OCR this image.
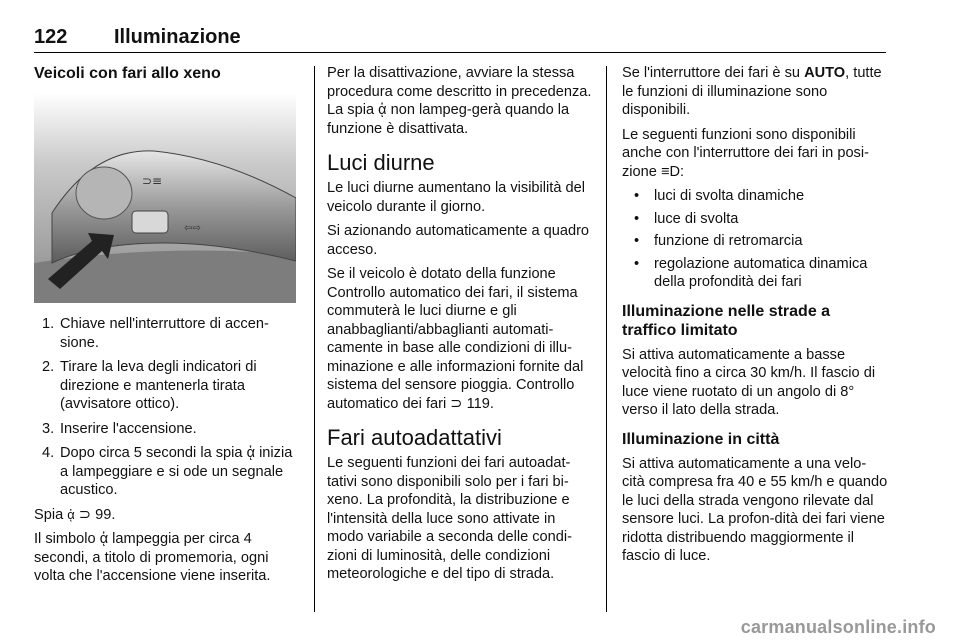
122 Illuminazione
Veicoli con fari allo xeno
⊃≡
⇦⇨
1. Chiave nell'interruttore di accen-sione.
2. Tirare la leva degli indicatori di direzione e mantenerla tirata (avvisatore ottico).
3. Inserire l'accensione.
4. Dopo circa 5 secondi la spia ᾀ inizia a lampeggiare e si ode un segnale acustico.

Spia ᾀ ⊃ 99.

Il simbolo ᾀ lampeggia per circa 4 secondi, a titolo di promemoria, ogni volta che l'accensione viene inserita.

Per la disattivazione, avviare la stessa procedura come descritto in precedenza. La spia ᾀ non lampeg-gerà quando la funzione è disattivata.

Luci diurne

Le luci diurne aumentano la visibilità del veicolo durante il giorno.

Si azionando automaticamente a quadro acceso.

Se il veicolo è dotato della funzione Controllo automatico dei fari, il sistema commuterà le luci diurne e gli anabbaglianti/abbaglianti automati-camente in base alle condizioni di illu-minazione e alle informazioni fornite dal sistema del sensore pioggia. Controllo automatico dei fari ⊃ 119.

Fari autoadattativi

Le seguenti funzioni dei fari autoadat-tativi sono disponibili solo per i fari bi-xeno. La profondità, la distribuzione e l'intensità della luce sono attivate in modo variabile a seconda delle condi-zioni di luminosità, delle condizioni meteorologiche e del tipo di strada.

Se l'interruttore dei fari è su AUTO, tutte le funzioni di illuminazione sono disponibili.

Le seguenti funzioni sono disponibili anche con l'interruttore dei fari in posi-zione ≡D:

• luci di svolta dinamiche
• luce di svolta
• funzione di retromarcia
• regolazione automatica dinamica della profondità dei fari
Illuminazione nelle strade a traffico limitato

Si attiva automaticamente a basse velocità fino a circa 30 km/h. Il fascio di luce viene ruotato di un angolo di 8° verso il lato della strada.

Illuminazione in città

Si attiva automaticamente a una velo-cità compresa fra 40 e 55 km/h e quando le luci della strada vengono rilevate dal sensore luci. La profon-dità dei fari viene ridotta distribuendo maggiormente il fascio di luce.

carmanualsonline.info
